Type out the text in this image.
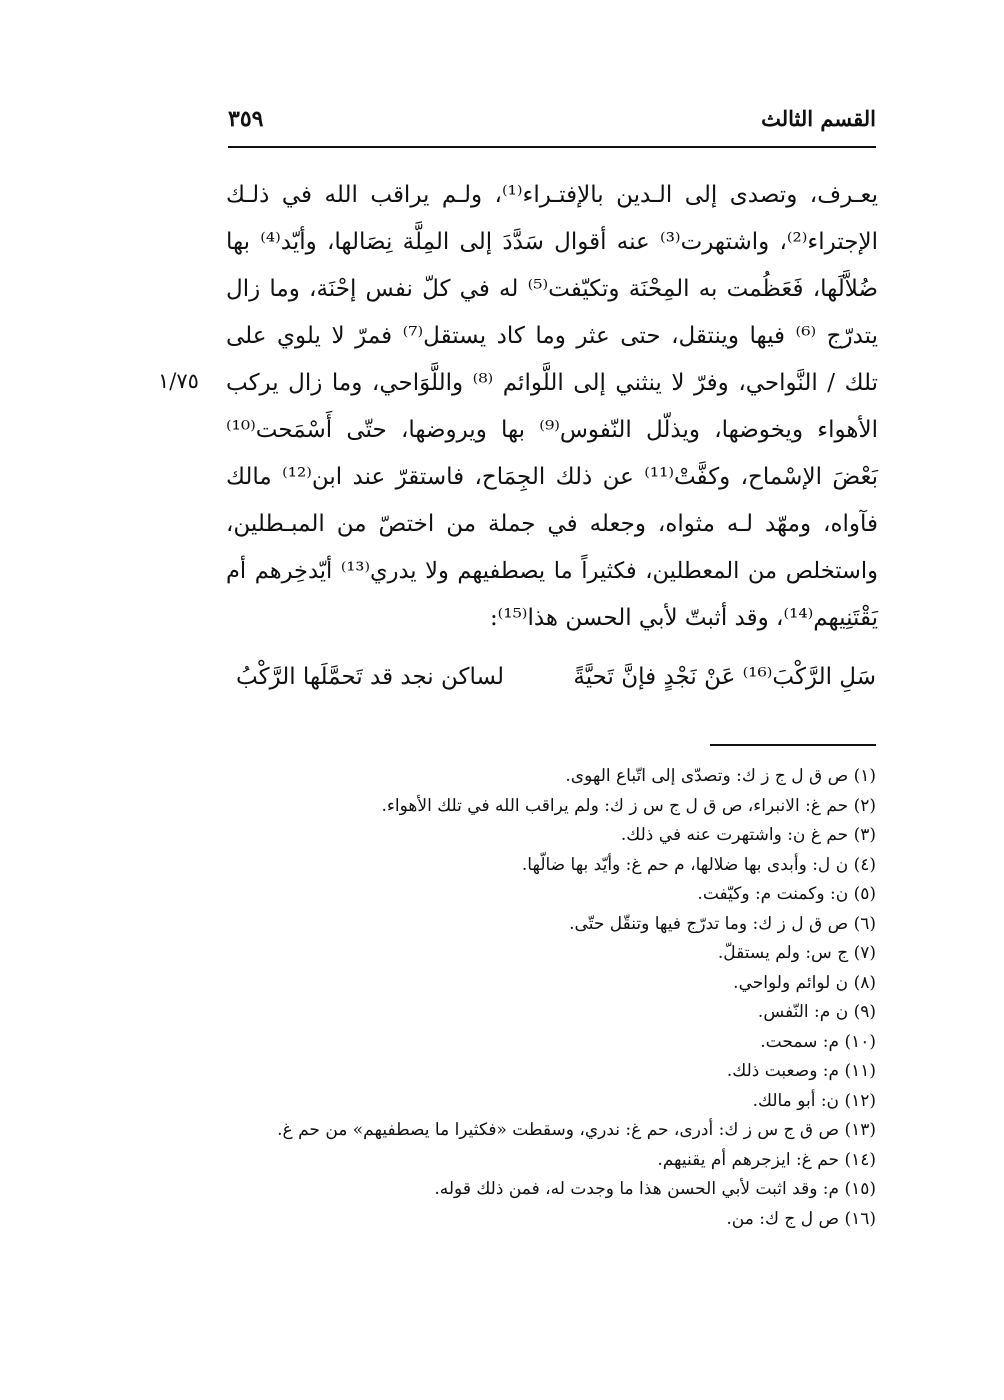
القسم الثالث
٣٥٩
١/٧٥
يعـرف، وتصدى إلى الـدين بالإفتـراء⁽¹⁾، ولـم يراقب الله في ذلـك
الإجتراء⁽²⁾، واشتهرت⁽³⁾ عنه أقوال سَدَّدَ إلى المِلَّة نِصَالها، وأيّد⁽⁴⁾ بها
ضُلاَّلَها، فَعَظُمت به المِحْنَة وتكيّفت⁽⁵⁾ له في كلّ نفس إحْنَة، وما زال
يتدرّج ⁽⁶⁾ فيها وينتقل، حتى عثر وما كاد يستقل⁽⁷⁾ فمرّ لا يلوي على
تلك / النَّواحي، وفرّ لا ينثني إلى اللَّوائم ⁽⁸⁾ واللَّوَاحي، وما زال يركب
الأهواء ويخوضها، ويذلّل النّفوس⁽⁹⁾ بها ويروضها، حتّى أَسْمَحت⁽¹⁰⁾
بَعْضَ الإسْماح، وكفَّتْ⁽¹¹⁾ عن ذلك الجِمَاح، فاستقرّ عند ابن⁽¹²⁾ مالك
فآواه، ومهّد لـه مثواه، وجعله في جملة من اختصّ من المبـطلين،
واستخلص من المعطلين، فكثيراً ما يصطفيهم ولا يدري⁽¹³⁾ أيّدخِرهم أم
يَقْتَنِيهم⁽¹⁴⁾، وقد أثبتّ لأبي الحسن هذا⁽¹⁵⁾:
سَلِ الرَّكْبَ⁽¹⁶⁾ عَنْ نَجْدٍ فإنَّ تَحيَّةً
لساكن نجد قد تَحمَّلَها الرَّكْبُ
(١) ص ق ل ج ز ك: وتصدّى إلى اتّباع الهوى.
(٢) حم غ: الانبراء، ص ق ل ج س ز ك: ولم يراقب الله في تلك الأهواء.
(٣) حم غ ن: واشتهرت عنه في ذلك.
(٤) ن ل: وأبدى بها ضلالها، م حم غ: وأيّد بها ضالّها.
(٥) ن: وكمنت م: وكيّفت.
(٦) ص ق ل ز ك: وما تدرّج فيها وتنقّل حتّى.
(٧) ج س: ولم يستقلّ.
(٨) ن لوائم ولواحي.
(٩) ن م: النّفس.
(١٠) م: سمحت.
(١١) م: وصعبت ذلك.
(١٢) ن: أبو مالك.
(١٣) ص ق ج س ز ك: أدرى، حم غ: ندري، وسقطت «فكثيرا ما يصطفيهم» من حم غ.
(١٤) حم غ: ايزجرهم أم يقنيهم.
(١٥) م: وقد اثبت لأبي الحسن هذا ما وجدت له، فمن ذلك قوله.
(١٦) ص ل ج ك: من.
